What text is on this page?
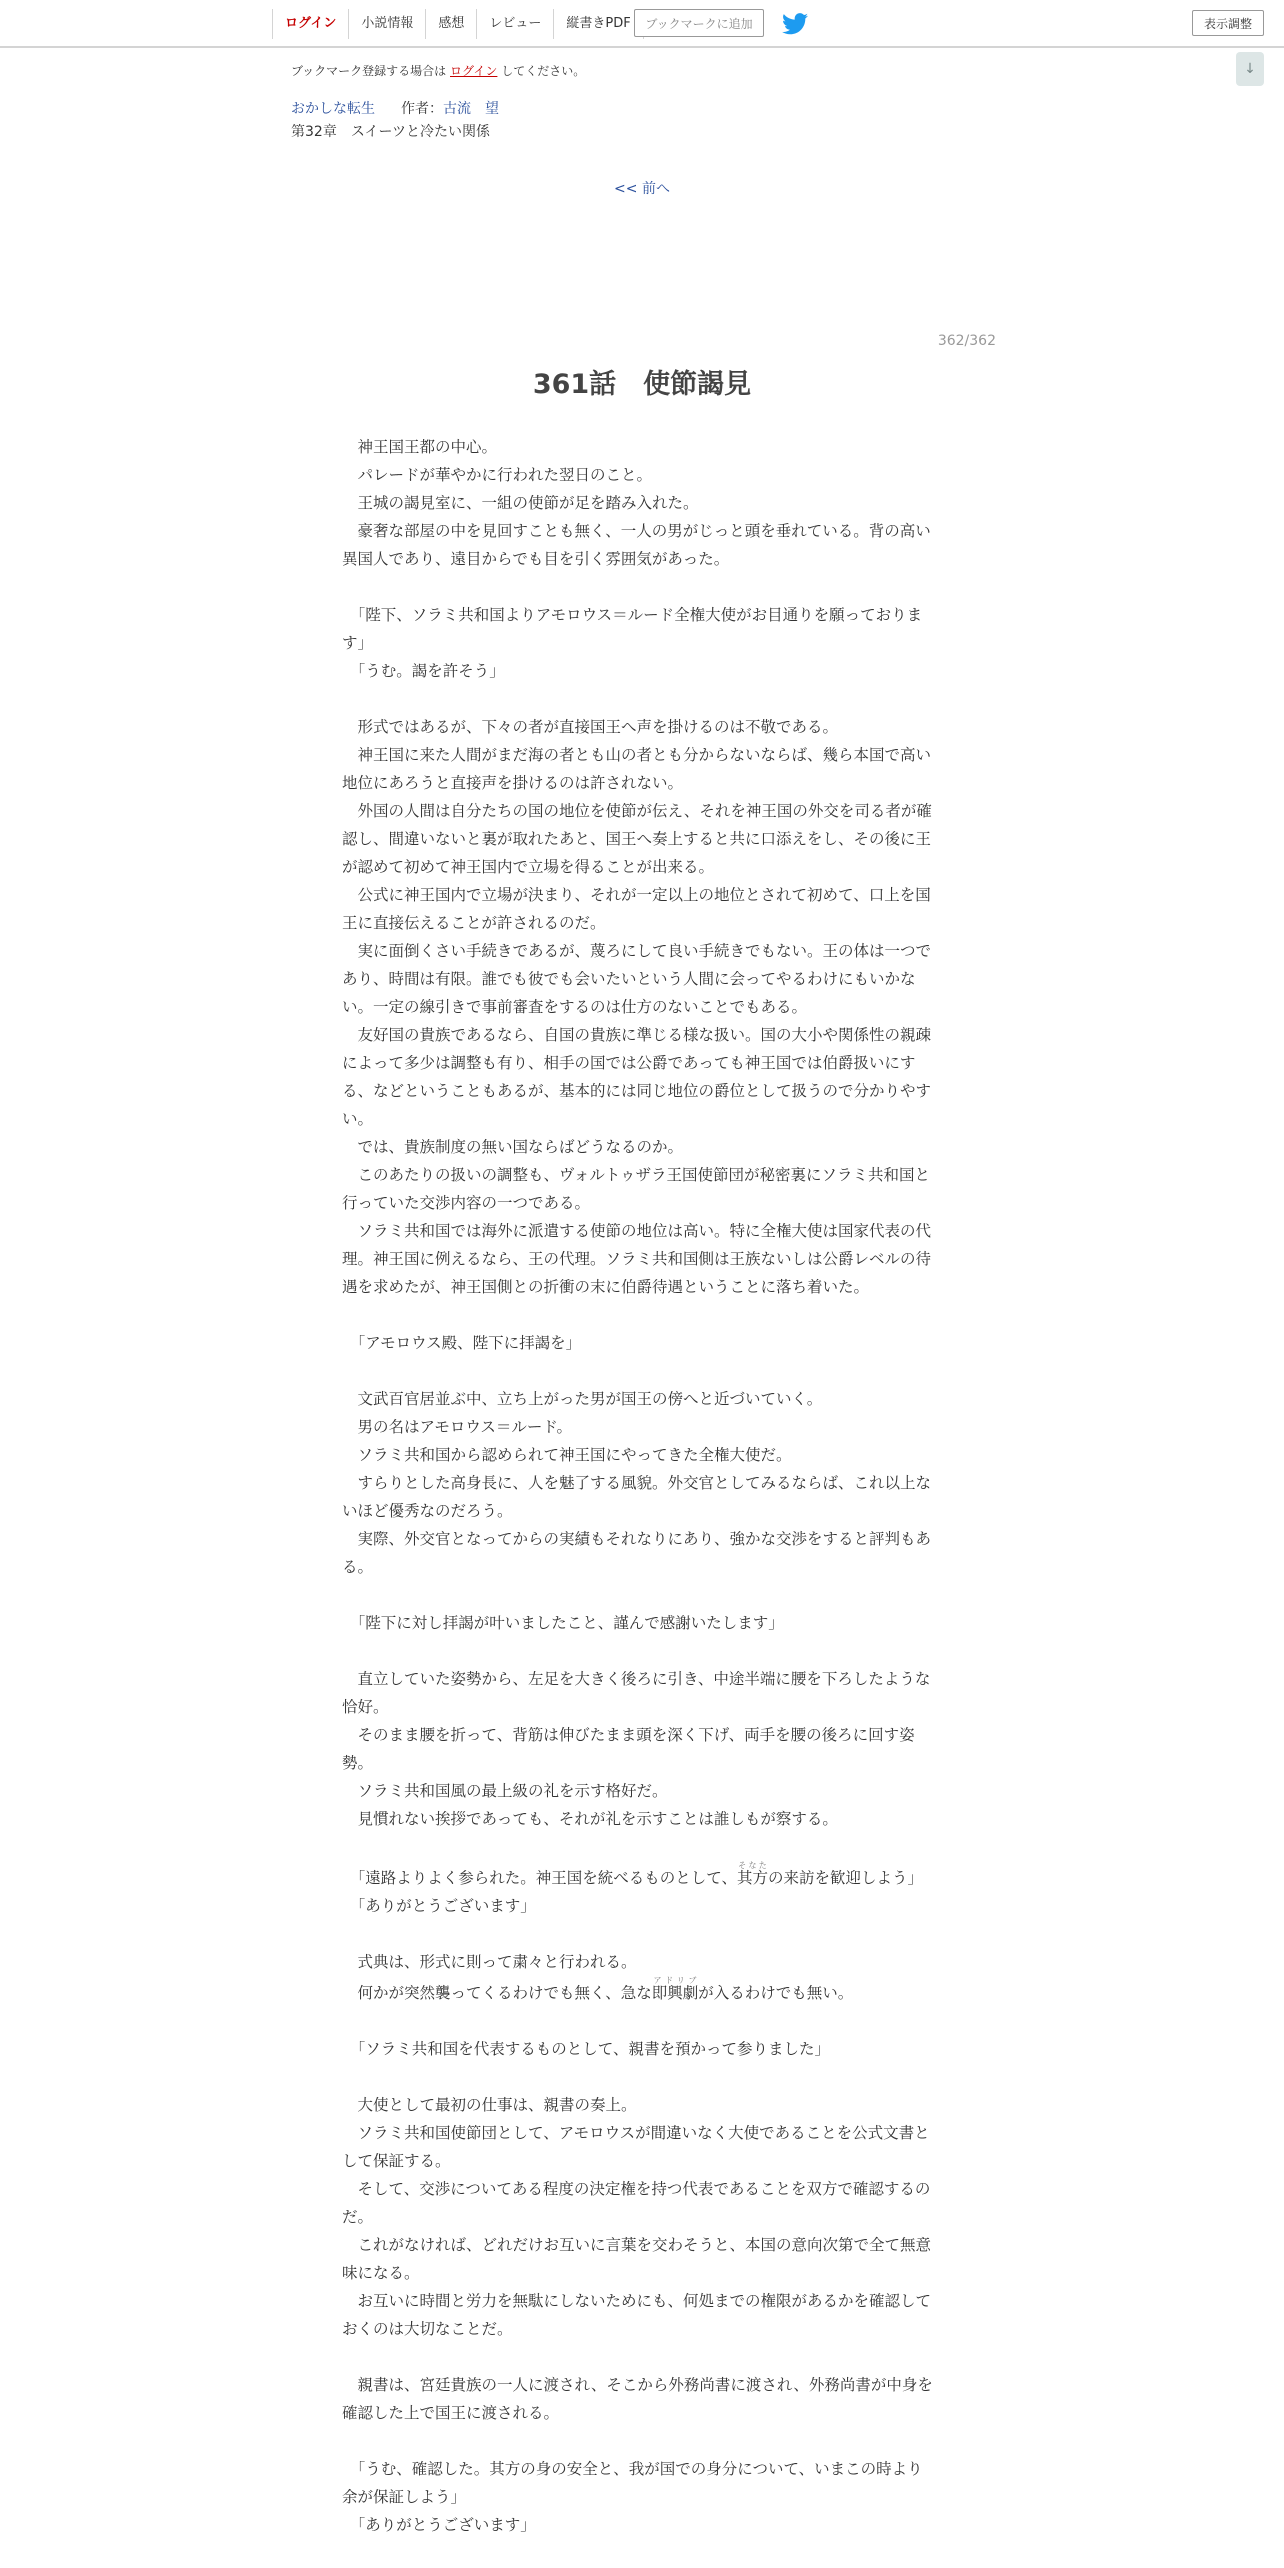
ログイン	小説情報	感想	レビュー	縦書きPDF	ブックマークに追加	表示調整
↓
ブックマーク登録する場合は ログイン してください。
おかしな転生 作者：古流　望
第32章　スイーツと冷たい関係
<< 前へ
362/362
361話　使節謁見

　神王国王都の中心。

　パレードが華やかに行われた翌日のこと。

　王城の謁見室に、一組の使節が足を踏み入れた。

　豪奢な部屋の中を見回すことも無く、一人の男がじっと頭を垂れている。背の高い異国人であり、遠目からでも目を引く雰囲気があった。

　「陛下、ソラミ共和国よりアモロウス＝ルード全権大使がお目通りを願っております」

　「うむ。謁を許そう」

　形式ではあるが、下々の者が直接国王へ声を掛けるのは不敬である。

　神王国に来た人間がまだ海の者とも山の者とも分からないならば、幾ら本国で高い地位にあろうと直接声を掛けるのは許されない。

　外国の人間は自分たちの国の地位を使節が伝え、それを神王国の外交を司る者が確認し、間違いないと裏が取れたあと、国王へ奏上すると共に口添えをし、その後に王が認めて初めて神王国内で立場を得ることが出来る。

　公式に神王国内で立場が決まり、それが一定以上の地位とされて初めて、口上を国王に直接伝えることが許されるのだ。

　実に面倒くさい手続きであるが、蔑ろにして良い手続きでもない。王の体は一つであり、時間は有限。誰でも彼でも会いたいという人間に会ってやるわけにもいかない。一定の線引きで事前審査をするのは仕方のないことでもある。

　友好国の貴族であるなら、自国の貴族に準じる様な扱い。国の大小や関係性の親疎によって多少は調整も有り、相手の国では公爵であっても神王国では伯爵扱いにする、などということもあるが、基本的には同じ地位の爵位として扱うので分かりやすい。

　では、貴族制度の無い国ならばどうなるのか。

　このあたりの扱いの調整も、ヴォルトゥザラ王国使節団が秘密裏にソラミ共和国と行っていた交渉内容の一つである。

　ソラミ共和国では海外に派遣する使節の地位は高い。特に全権大使は国家代表の代理。神王国に例えるなら、王の代理。ソラミ共和国側は王族ないしは公爵レベルの待遇を求めたが、神王国側との折衝の末に伯爵待遇ということに落ち着いた。

　「アモロウス殿、陛下に拝謁を」

　文武百官居並ぶ中、立ち上がった男が国王の傍へと近づいていく。

　男の名はアモロウス＝ルード。

　ソラミ共和国から認められて神王国にやってきた全権大使だ。

　すらりとした高身長に、人を魅了する風貌。外交官としてみるならば、これ以上ないほど優秀なのだろう。

　実際、外交官となってからの実績もそれなりにあり、強かな交渉をすると評判もある。

　「陛下に対し拝謁が叶いましたこと、謹んで感謝いたします」

　直立していた姿勢から、左足を大きく後ろに引き、中途半端に腰を下ろしたような恰好。

　そのまま腰を折って、背筋は伸びたまま頭を深く下げ、両手を腰の後ろに回す姿勢。

　ソラミ共和国風の最上級の礼を示す格好だ。

　見慣れない挨拶であっても、それが礼を示すことは誰しもが察する。

　「遠路よりよく参られた。神王国を統べるものとして、其方そなたの来訪を歓迎しよう」

　「ありがとうございます」

　式典は、形式に則って粛々と行われる。

　何かが突然襲ってくるわけでも無く、急な即興劇アドリブが入るわけでも無い。

　「ソラミ共和国を代表するものとして、親書を預かって参りました」

　大使として最初の仕事は、親書の奏上。

　ソラミ共和国使節団として、アモロウスが間違いなく大使であることを公式文書として保証する。

　そして、交渉についてある程度の決定権を持つ代表であることを双方で確認するのだ。

　これがなければ、どれだけお互いに言葉を交わそうと、本国の意向次第で全て無意味になる。

　お互いに時間と労力を無駄にしないためにも、何処までの権限があるかを確認しておくのは大切なことだ。

　親書は、宮廷貴族の一人に渡され、そこから外務尚書に渡され、外務尚書が中身を確認した上で国王に渡される。

　「うむ、確認した。其方の身の安全と、我が国での身分について、いまこの時より余が保証しよう」

　「ありがとうございます」
